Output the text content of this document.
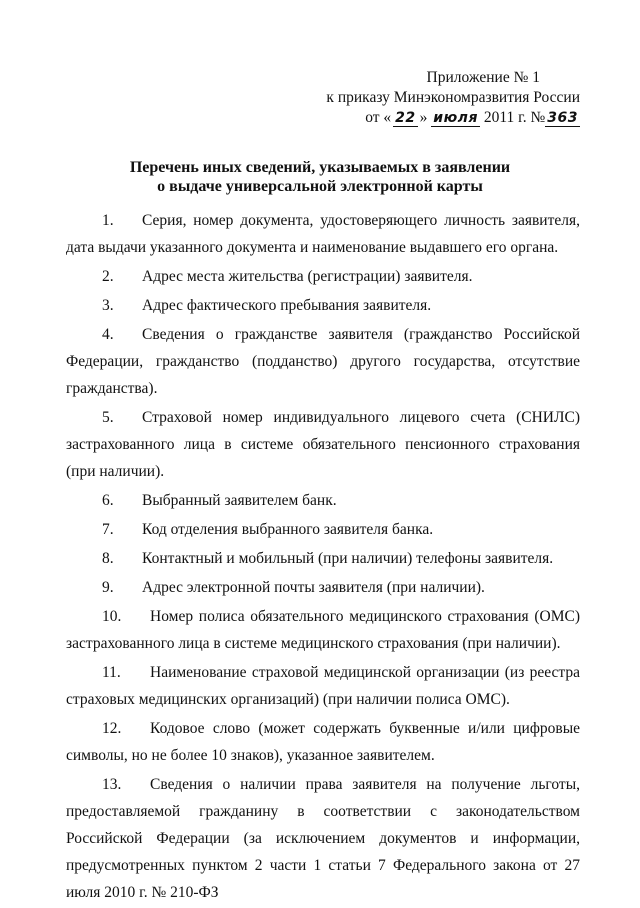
Приложение № 1
к приказу Минэкономразвития России
от « 22 » июля 2011 г. № 363
Перечень иных сведений, указываемых в заявлении
о выдаче универсальной электронной карты

1. Серия, номер документа, удостоверяющего личность заявителя, дата выдачи указанного документа и наименование выдавшего его органа.

2. Адрес места жительства (регистрации) заявителя.

3. Адрес фактического пребывания заявителя.

4. Сведения о гражданстве заявителя (гражданство Российской Федерации, гражданство (подданство) другого государства, отсутствие гражданства).

5. Страховой номер индивидуального лицевого счета (СНИЛС) застрахованного лица в системе обязательного пенсионного страхования (при наличии).

6. Выбранный заявителем банк.

7. Код отделения выбранного заявителя банка.

8. Контактный и мобильный (при наличии) телефоны заявителя.

9. Адрес электронной почты заявителя (при наличии).

10. Номер полиса обязательного медицинского страхования (ОМС) застрахованного лица в системе медицинского страхования (при наличии).

11. Наименование страховой медицинской организации (из реестра страховых медицинских организаций) (при наличии полиса ОМС).

12. Кодовое слово (может содержать буквенные и/или цифровые символы, но не более 10 знаков), указанное заявителем.

13. Сведения о наличии права заявителя на получение льготы, предоставляемой гражданину в соответствии с законодательством Российской Федерации (за исключением документов и информации, предусмотренных пунктом 2 части 1 статьи 7 Федерального закона от 27 июля 2010 г. № 210-ФЗ
